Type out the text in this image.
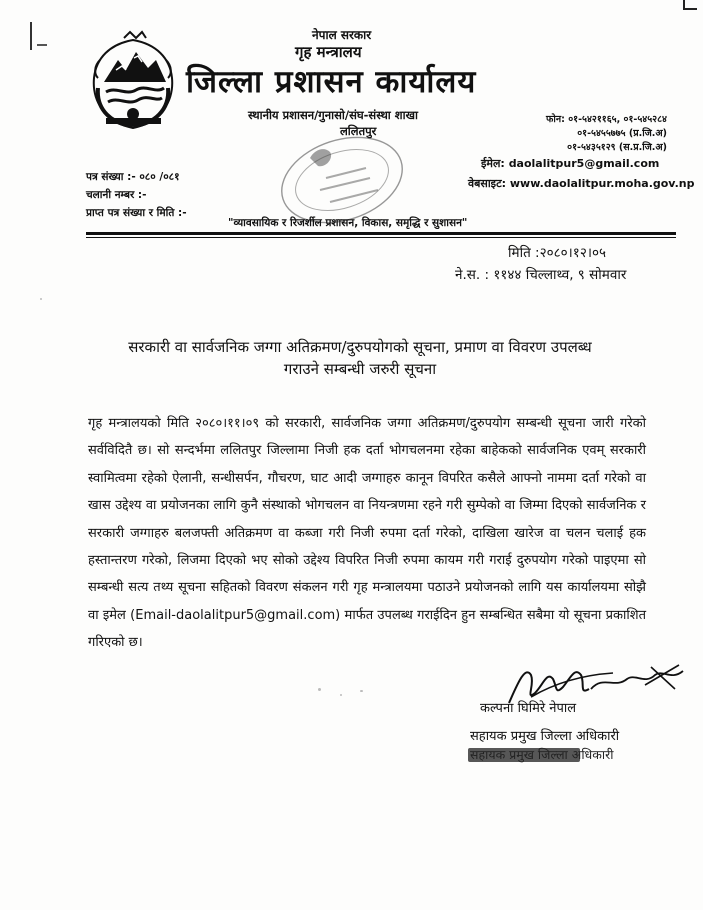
नेपाल सरकार
गृह मन्त्रालय
जिल्ला प्रशासन कार्यालय
स्थानीय प्रशासन/गुनासो/संघ-संस्था शाखा
ललितपुर
फोन: ०१-५४२११६५, ०१-५४५२८४
०१-५४५५७७५ (प्र.जि.अ)
०१-५४३५१२९ (स.प्र.जि.अ)
ईमेल: daolalitpur5@gmail.com
वेबसाइट: www.daolalitpur.moha.gov.np
पत्र संख्या :- ०८० /०८१
चलानी नम्बर :-
प्राप्त पत्र संख्या र मिति :-
"व्यावसायिक र रिजर्शील प्रशासन, विकास, समृद्धि र सुशासन"
मिति :२०८०।१२।०५
ने.स. : ११४४ चिल्लाथ्व, ९ सोमवार
सरकारी वा सार्वजनिक जग्गा अतिक्रमण/दुरुपयोगको सूचना, प्रमाण वा विवरण उपलब्ध
गराउने सम्बन्धी जरुरी सूचना
गृह मन्त्रालयको मिति २०८०।११।०९ को सरकारी, सार्वजनिक जग्गा अतिक्रमण/दुरुपयोग सम्बन्धी सूचना जारी गरेको सर्वविदितै छ। सो सन्दर्भमा ललितपुर जिल्लामा निजी हक दर्ता भोगचलनमा रहेका बाहेकको सार्वजनिक एवम् सरकारी स्वामित्वमा रहेको ऐलानी, सन्धीसर्पन, गौचरण, घाट आदी जग्गाहरु कानून विपरित कसैले आफ्नो नाममा दर्ता गरेको वा खास उद्देश्य वा प्रयोजनका लागि कुनै संस्थाको भोगचलन वा नियन्त्रणमा रहने गरी सुम्पेको वा जिम्मा दिएको सार्वजनिक र सरकारी जग्गाहरु बलजफ्ती अतिक्रमण वा कब्जा गरी निजी रुपमा दर्ता गरेको, दाखिला खारेज वा चलन चलाई हक हस्तान्तरण गरेको, लिजमा दिएको भए सोको उद्देश्य विपरित निजी रुपमा कायम गरी गराई दुरुपयोग गरेको पाइएमा सो सम्बन्धी सत्य तथ्य सूचना सहितको विवरण संकलन गरी गृह मन्त्रालयमा पठाउने प्रयोजनको लागि यस कार्यालयमा सोझै वा इमेल (Email-daolalitpur5@gmail.com) मार्फत उपलब्ध गराईदिन हुन सम्बन्धित सबैमा यो सूचना प्रकाशित गरिएको छ।
कल्पना घिमिरे नेपाल
सहायक प्रमुख जिल्ला अधिकारी
सहायक प्रमुख जिल्ला अधिकारी
